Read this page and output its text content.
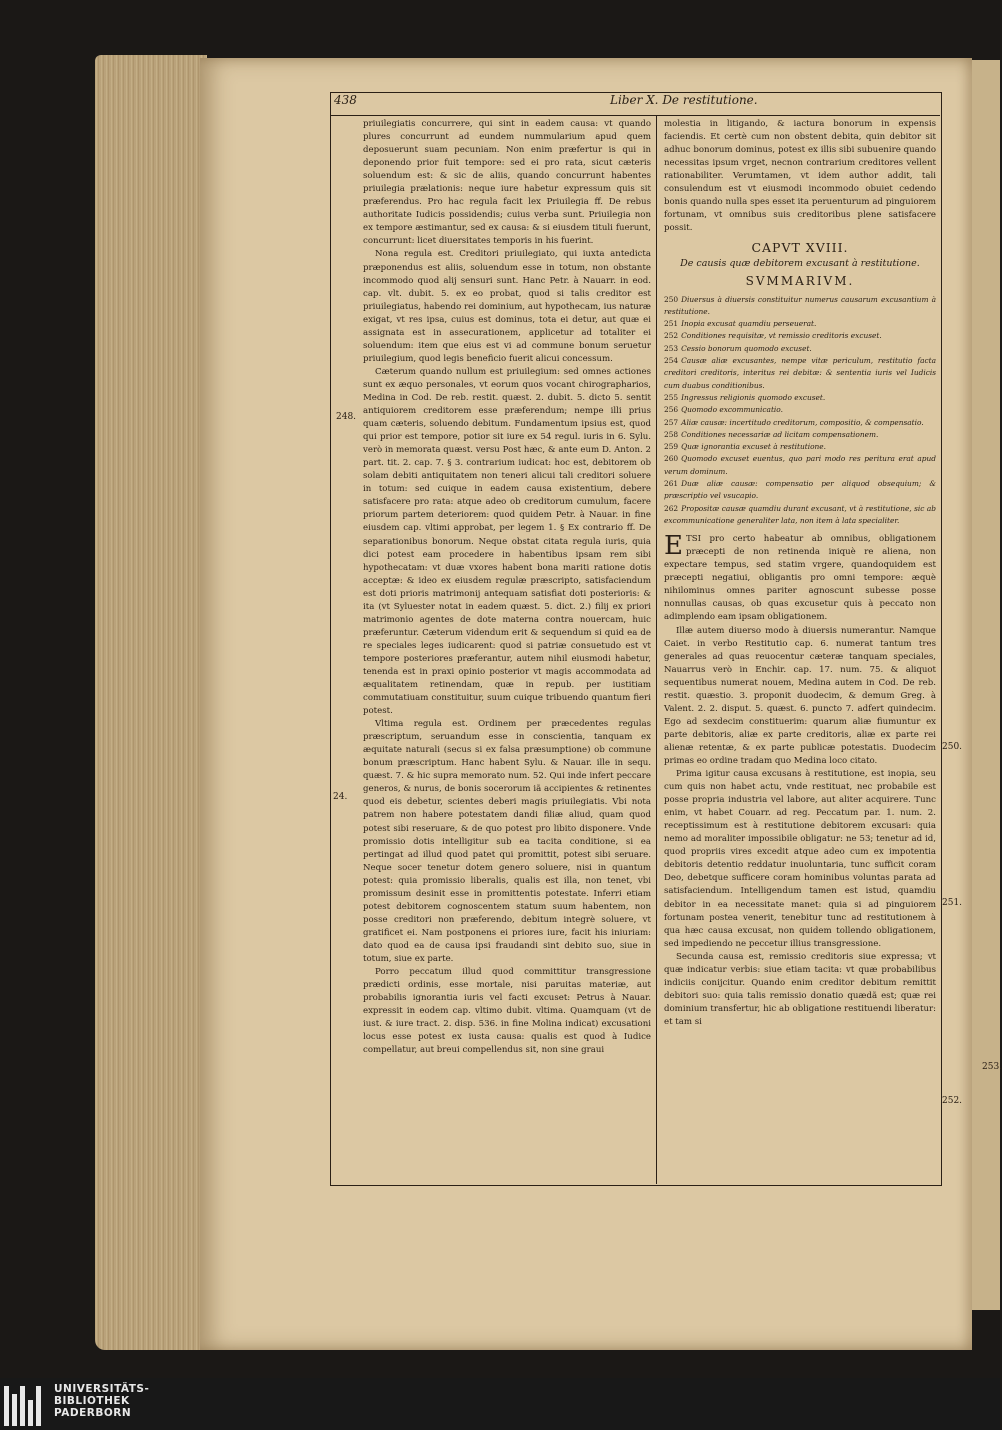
438	Liber X. De restitutione.

priuilegiatis concurrere, qui sint in eadem causa: vt quando plures concurrunt ad eundem nummularium apud quem deposuerunt suam pecuniam. Non enim præfertur is qui in deponendo prior fuit tempore: sed ei pro rata, sicut cæteris soluendum est: & sic de aliis, quando concurrunt habentes priuilegia prælationis: neque iure habetur expressum quis sit præferendus. Pro hac regula facit lex Priuilegia ff. De rebus authoritate Iudicis possidendis; cuius verba sunt. Priuilegia non ex tempore æstimantur, sed ex causa: & si eiusdem tituli fuerunt, concurrunt: licet diuersitates temporis in his fuerint.

Nona regula est. Creditori priuilegiato, qui iuxta antedicta præponendus est aliis, soluendum esse in totum, non obstante incommodo quod alij sensuri sunt. Hanc Petr. à Nauarr. in eod. cap. vlt. dubit. 5. ex eo probat, quod si talis creditor est priuilegiatus, habendo rei dominium, aut hypothecam, ius naturæ exigat, vt res ipsa, cuius est dominus, tota ei detur, aut quæ ei assignata est in assecurationem, applicetur ad totaliter ei soluendum: item que eius est vi ad commune bonum seruetur priuilegium, quod legis beneficio fuerit alicui concessum.

Cæterum quando nullum est priuilegium: sed omnes actiones sunt ex æquo personales, vt eorum quos vocant chirographarios, Medina in Cod. De reb. restit. quæst. 2. dubit. 5. dicto 5. sentit antiquiorem creditorem esse præferendum; nempe illi prius quam cæteris, soluendo debitum. Fundamentum ipsius est, quod qui prior est tempore, potior sit iure ex 54 regul. iuris in 6. Sylu. verò in memorata quæst. versu Post hæc, & ante eum D. Anton. 2 part. tit. 2. cap. 7. § 3. contrarium iudicat: hoc est, debitorem ob solam debiti antiquitatem non teneri alicui tali creditori soluere in totum: sed cuique in eadem causa existentium, debere satisfacere pro rata: atque adeo ob creditorum cumulum, facere priorum partem deteriorem: quod quidem Petr. à Nauar. in fine eiusdem cap. vltimi approbat, per legem 1. § Ex contrario ff. De separationibus bonorum. Neque obstat citata regula iuris, quia dici potest eam procedere in habentibus ipsam rem sibi hypothecatam: vt duæ vxores habent bona mariti ratione dotis acceptæ: & ideo ex eiusdem regulæ præscripto, satisfaciendum est doti prioris matrimonij antequam satisfiat doti posterioris: & ita (vt Syluester notat in eadem quæst. 5. dict. 2.) filij ex priori matrimonio agentes de dote materna contra nouercam, huic præferuntur. Cæterum videndum erit & sequendum si quid ea de re speciales leges iudicarent: quod si patriæ consuetudo est vt tempore posteriores præferantur, autem nihil eiusmodi habetur, tenenda est in praxi opinio posterior vt magis accommodata ad æqualitatem retinendam, quæ in repub. per iustitiam commutatiuam constituitur, suum cuique tribuendo quantum fieri potest.

Vltima regula est. Ordinem per præcedentes regulas præscriptum, seruandum esse in conscientia, tanquam ex æquitate naturali (secus si ex falsa præsumptione) ob commune bonum præscriptum. Hanc habent Sylu. & Nauar. ille in sequ. quæst. 7. & hic supra memorato num. 52. Qui inde infert peccare generos, & nurus, de bonis socerorum iã accipientes & retinentes quod eis debetur, scientes deberi magis priuilegiatis. Vbi nota patrem non habere potestatem dandi filiæ aliud, quam quod potest sibi reseruare, & de quo potest pro libito disponere. Vnde promissio dotis intelligitur sub ea tacita conditione, si ea pertingat ad illud quod patet qui promittit, potest sibi seruare. Neque socer tenetur dotem genero soluere, nisi in quantum potest: quia promissio liberalis, qualis est illa, non tenet, vbi promissum desinit esse in promittentis potestate. Inferri etiam potest debitorem cognoscentem statum suum habentem, non posse creditori non præferendo, debitum integrè soluere, vt gratificet ei. Nam postponens ei priores iure, facit his iniuriam: dato quod ea de causa ipsi fraudandi sint debito suo, siue in totum, siue ex parte.

Porro peccatum illud quod committitur transgressione prædicti ordinis, esse mortale, nisi paruitas materiæ, aut probabilis ignorantia iuris vel facti excuset: Petrus à Nauar. expressit in eodem cap. vltimo dubit. vltima. Quamquam (vt de iust. & iure tract. 2. disp. 536. in fine Molina indicat) excusationi locus esse potest ex iusta causa: qualis est quod à Iudice compellatur, aut breui compellendus sit, non sine graui

molestia in litigando, & iactura bonorum in expensis faciendis. Et certè cum non obstent debita, quin debitor sit adhuc bonorum dominus, potest ex illis sibi subuenire quando necessitas ipsum vrget, necnon contrarium creditores vellent rationabiliter. Verumtamen, vt idem author addit, tali consulendum est vt eiusmodi incommodo obuiet cedendo bonis quando nulla spes esset ita peruenturum ad pinguiorem fortunam, vt omnibus suis creditoribus plene satisfacere possit.

CAPVT XVIII.
De causis quæ debitorem excusant à restitutione.
SVMMARIVM.

250 Diuersus à diuersis constituitur numerus causarum excusantium à restitutione.

251 Inopia excusat quamdiu perseuerat.

252 Conditiones requisitæ, vt remissio creditoris excuset.

253 Cessio bonorum quomodo excuset.

254 Causæ aliæ excusantes, nempe vitæ periculum, restitutio facta creditori creditoris, interitus rei debitæ: & sententia iuris vel Iudicis cum duabus conditionibus.

255 Ingressus religionis quomodo excuset.

256 Quomodo excommunicatio.

257 Aliæ causæ: incertitudo creditorum, compositio, & compensatio.

258 Conditiones necessariæ ad licitam compensationem.

259 Quæ ignorantia excuset à restitutione.

260 Quomodo excuset euentus, quo pari modo res peritura erat apud verum dominum.

261 Duæ aliæ causæ: compensatio per aliquod obsequium; & præscriptio vel vsucapio.

262 Propositæ causæ quamdiu durant excusant, vt à restitutione, sic ab excommunicatione generaliter lata, non item à lata specialiter.

ETSI pro certo habeatur ab omnibus, obligationem præcepti de non retinenda iniquè re aliena, non expectare tempus, sed statim vrgere, quandoquidem est præcepti negatiui, obligantis pro omni tempore: æquè nihilominus omnes pariter agnoscunt subesse posse nonnullas causas, ob quas excusetur quis à peccato non adimplendo eam ipsam obligationem.

Illæ autem diuerso modo à diuersis numerantur. Namque Caiet. in verbo Restitutio cap. 6. numerat tantum tres generales ad quas reuocentur cæteræ tanquam speciales, Nauarrus verò in Enchir. cap. 17. num. 75. & aliquot sequentibus numerat nouem, Medina autem in Cod. De reb. restit. quæstio. 3. proponit duodecim, & demum Greg. à Valent. 2. 2. disput. 5. quæst. 6. puncto 7. adfert quindecim. Ego ad sexdecim constituerim: quarum aliæ fiumuntur ex parte debitoris, aliæ ex parte creditoris, aliæ ex parte rei alienæ retentæ, & ex parte publicæ potestatis. Duodecim primas eo ordine tradam quo Medina loco citato.

Prima igitur causa excusans à restitutione, est inopia, seu cum quis non habet actu, vnde restituat, nec probabile est posse propria industria vel labore, aut aliter acquirere. Tunc enim, vt habet Couarr. ad reg. Peccatum par. 1. num. 2. receptissimum est à restitutione debitorem excusari: quia nemo ad moraliter impossibile obligatur: ne 53; tenetur ad id, quod propriis vires excedit atque adeo cum ex impotentia debitoris detentio reddatur inuoluntaria, tunc sufficit coram Deo, debetque sufficere coram hominibus voluntas parata ad satisfaciendum. Intelligendum tamen est istud, quamdiu debitor in ea necessitate manet: quia si ad pinguiorem fortunam postea venerit, tenebitur tunc ad restitutionem à qua hæc causa excusat, non quidem tollendo obligationem, sed impediendo ne peccetur illius transgressione.

Secunda causa est, remissio creditoris siue expressa; vt quæ indicatur verbis: siue etiam tacita: vt quæ probabilibus indiciis conijcitur. Quando enim creditor debitum remittit debitori suo: quia talis remissio donatio quædã est; quæ rei dominium transfertur, hic ab obligatione restituendi liberatur: et tam si

248.
24.
250.
251.
252.
253.
UNIVERSITÄTS-
BIBLIOTHEK
PADERBORN
